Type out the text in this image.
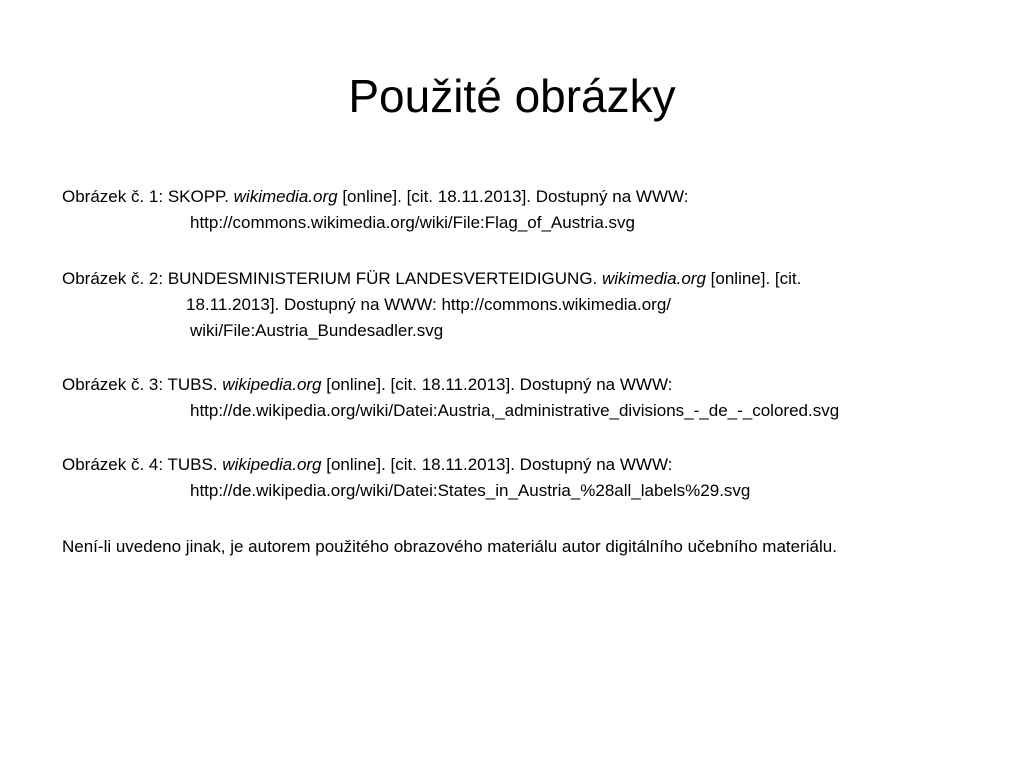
Použité obrázky

Obrázek č. 1: SKOPP. wikimedia.org [online]. [cit. 18.11.2013]. Dostupný na WWW:
http://commons.wikimedia.org/wiki/File:Flag_of_Austria.svg

Obrázek č. 2: BUNDESMINISTERIUM FÜR LANDESVERTEIDIGUNG. wikimedia.org [online]. [cit.
18.11.2013]. Dostupný na WWW: http://commons.wikimedia.org/
wiki/File:Austria_Bundesadler.svg

Obrázek č. 3: TUBS. wikipedia.org [online]. [cit. 18.11.2013]. Dostupný na WWW:
http://de.wikipedia.org/wiki/Datei:Austria,_administrative_divisions_-_de_-_colored.svg

Obrázek č. 4: TUBS. wikipedia.org [online]. [cit. 18.11.2013]. Dostupný na WWW:
http://de.wikipedia.org/wiki/Datei:States_in_Austria_%28all_labels%29.svg

Není-li uvedeno jinak, je autorem použitého obrazového materiálu autor digitálního učebního materiálu.
